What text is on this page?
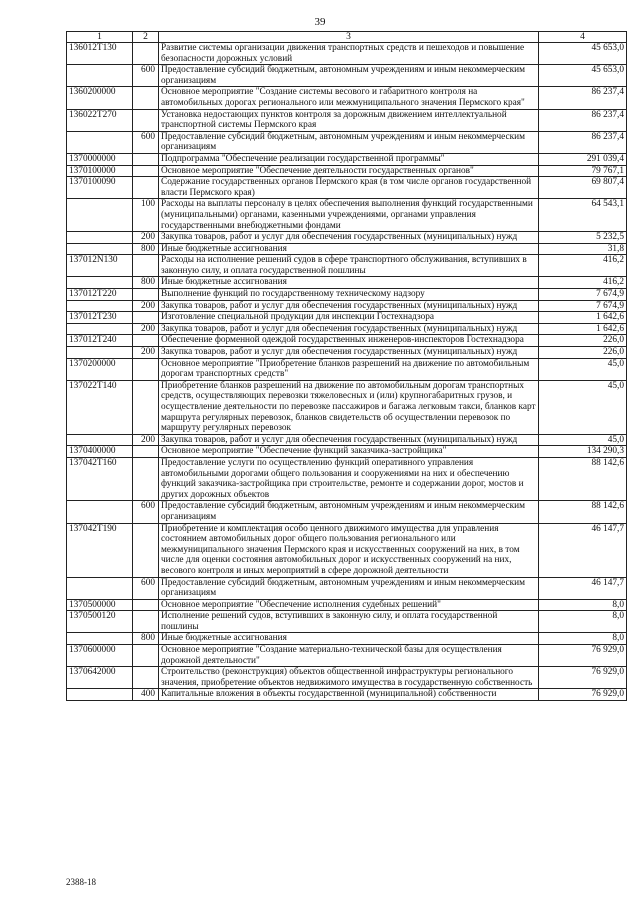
39
1	2	3	4
136012Т130		Развитие системы организации движения транспортных средств и пешеходов и повышение безопасности дорожных условий	45 653,0
	600	Предоставление субсидий бюджетным, автономным учреждениям и иным некоммерческим организациям	45 653,0
1360200000		Основное мероприятие "Создание системы весового и габаритного контроля на автомобильных дорогах регионального или межмуниципального значения Пермского края"	86 237,4
136022Т270		Установка недостающих пунктов контроля за дорожным движением интеллектуальной транспортной системы Пермского края	86 237,4
	600	Предоставление субсидий бюджетным, автономным учреждениям и иным некоммерческим организациям	86 237,4
1370000000		Подпрограмма "Обеспечение реализации государственной программы"	291 039,4
1370100000		Основное мероприятие "Обеспечение деятельности государственных органов"	79 767,1
1370100090		Содержание государственных органов Пермского края (в том числе органов государственной власти Пермского края)	69 807,4
	100	Расходы на выплаты персоналу в целях обеспечения выполнения функций государственными (муниципальными) органами, казенными учреждениями, органами управления государственными внебюджетными фондами	64 543,1
	200	Закупка товаров, работ и услуг для обеспечения государственных (муниципальных) нужд	5 232,5
	800	Иные бюджетные ассигнования	31,8
137012N130		Расходы на исполнение решений судов в сфере транспортного обслуживания, вступивших в законную силу, и оплата государственной пошлины	416,2
	800	Иные бюджетные ассигнования	416,2
137012Т220		Выполнение функций по государственному техническому надзору	7 674,9
	200	Закупка товаров, работ и услуг для обеспечения государственных (муниципальных) нужд	7 674,9
137012Т230		Изготовление специальной продукции для инспекции Гостехнадзора	1 642,6
	200	Закупка товаров, работ и услуг для обеспечения государственных (муниципальных) нужд	1 642,6
137012Т240		Обеспечение форменной одеждой государственных инженеров-инспекторов Гостехнадзора	226,0
	200	Закупка товаров, работ и услуг для обеспечения государственных (муниципальных) нужд	226,0
1370200000		Основное мероприятие "Приобретение бланков разрешений на движение по автомобильным дорогам транспортных средств"	45,0
137022Т140		Приобретение бланков разрешений на движение по автомобильным дорогам транспортных средств, осуществляющих перевозки тяжеловесных и (или) крупногабаритных грузов, и осуществление деятельности по перевозке пассажиров и багажа легковым такси, бланков карт маршрута регулярных перевозок, бланков свидетельств об осуществлении перевозок по маршруту регулярных перевозок	45,0
	200	Закупка товаров, работ и услуг для обеспечения государственных (муниципальных) нужд	45,0
1370400000		Основное мероприятие "Обеспечение функций заказчика-застройщика"	134 290,3
137042Т160		Предоставление услуги по осуществлению функций оперативного управления автомобильными дорогами общего пользования и сооружениями на них и обеспечению функций заказчика-застройщика при строительстве, ремонте и содержании дорог, мостов и других дорожных объектов	88 142,6
	600	Предоставление субсидий бюджетным, автономным учреждениям и иным некоммерческим организациям	88 142,6
137042Т190		Приобретение и комплектация особо ценного движимого имущества для управления состоянием автомобильных дорог общего пользования регионального или межмуниципального значения Пермского края и искусственных сооружений на них, в том числе для оценки состояния автомобильных дорог и искусственных сооружений на них, весового контроля и иных мероприятий в сфере дорожной деятельности	46 147,7
	600	Предоставление субсидий бюджетным, автономным учреждениям и иным некоммерческим организациям	46 147,7
1370500000		Основное мероприятие "Обеспечение исполнения судебных решений"	8,0
1370500120		Исполнение решений судов, вступивших в законную силу, и оплата государственной пошлины	8,0
	800	Иные бюджетные ассигнования	8,0
1370600000		Основное мероприятие "Создание материально-технической базы для осуществления дорожной деятельности"	76 929,0
1370642000		Строительство (реконструкция) объектов общественной инфраструктуры регионального значения, приобретение объектов недвижимого имущества в государственную собственность	76 929,0
	400	Капитальные вложения в объекты государственной (муниципальной) собственности	76 929,0
2388-18
